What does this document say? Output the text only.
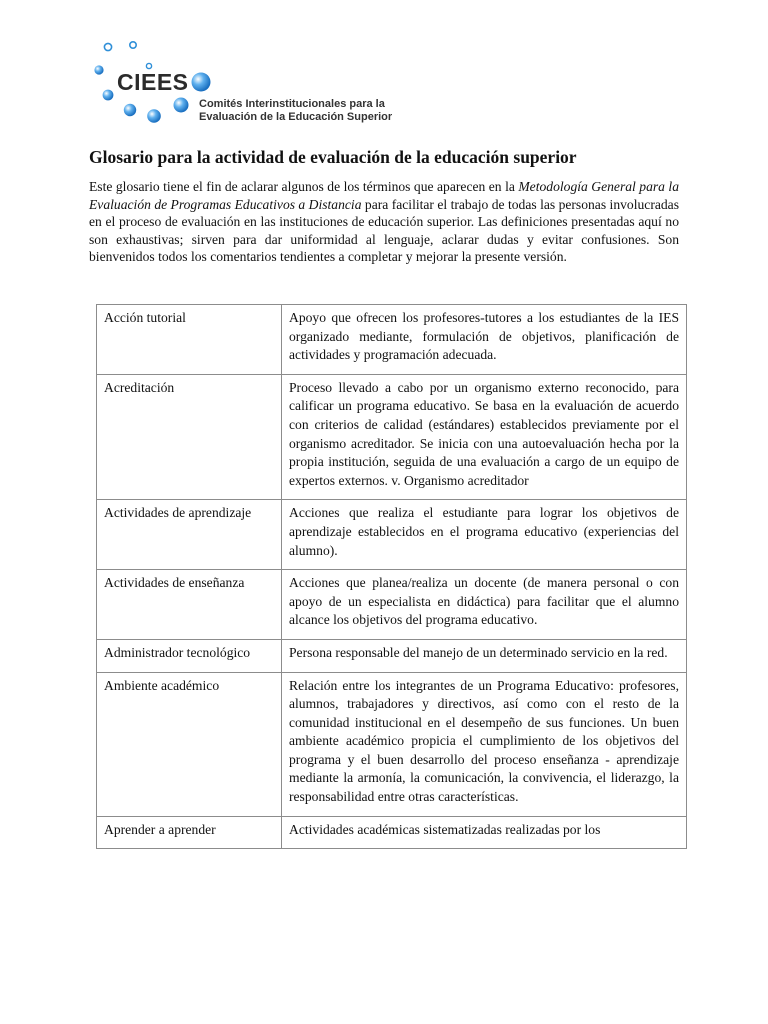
CIEES
Comités Interinstitucionales para la
Evaluación de la Educación Superior
Glosario para la actividad de evaluación de la educación superior

Este glosario tiene el fin de aclarar algunos de los términos que aparecen en la Metodología General para la Evaluación de Programas Educativos a Distancia para facilitar el trabajo de todas las personas involucradas en el proceso de evaluación en las instituciones de educación superior. Las definiciones presentadas aquí no son exhaustivas; sirven para dar uniformidad al lenguaje, aclarar dudas y evitar confusiones. Son bienvenidos todos los comentarios tendientes a completar y mejorar la presente versión.

Acción tutorial	Apoyo que ofrecen los profesores-tutores a los estudiantes de la IES organizado mediante, formulación de objetivos, planificación de actividades y programación adecuada.
Acreditación	Proceso llevado a cabo por un organismo externo reconocido, para calificar un programa educativo. Se basa en la evaluación de acuerdo con criterios de calidad (estándares) establecidos previamente por el organismo acreditador. Se inicia con una autoevaluación hecha por la propia institución, seguida de una evaluación a cargo de un equipo de expertos externos. v. Organismo acreditador
Actividades de aprendizaje	Acciones que realiza el estudiante para lograr los objetivos de aprendizaje establecidos en el programa educativo (experiencias del alumno).
Actividades de enseñanza	Acciones que planea/realiza un docente (de manera personal o con apoyo de un especialista en didáctica) para facilitar que el alumno alcance los objetivos del programa educativo.
Administrador tecnológico	Persona responsable del manejo de un determinado servicio en la red.
Ambiente académico	Relación entre los integrantes de un Programa Educativo: profesores, alumnos, trabajadores y directivos, así como con el resto de la comunidad institucional en el desempeño de sus funciones. Un buen ambiente académico propicia el cumplimiento de los objetivos del programa y el buen desarrollo del proceso enseñanza - aprendizaje mediante la armonía, la comunicación, la convivencia, el liderazgo, la responsabilidad entre otras características.
Aprender a aprender	Actividades académicas sistematizadas realizadas por los
